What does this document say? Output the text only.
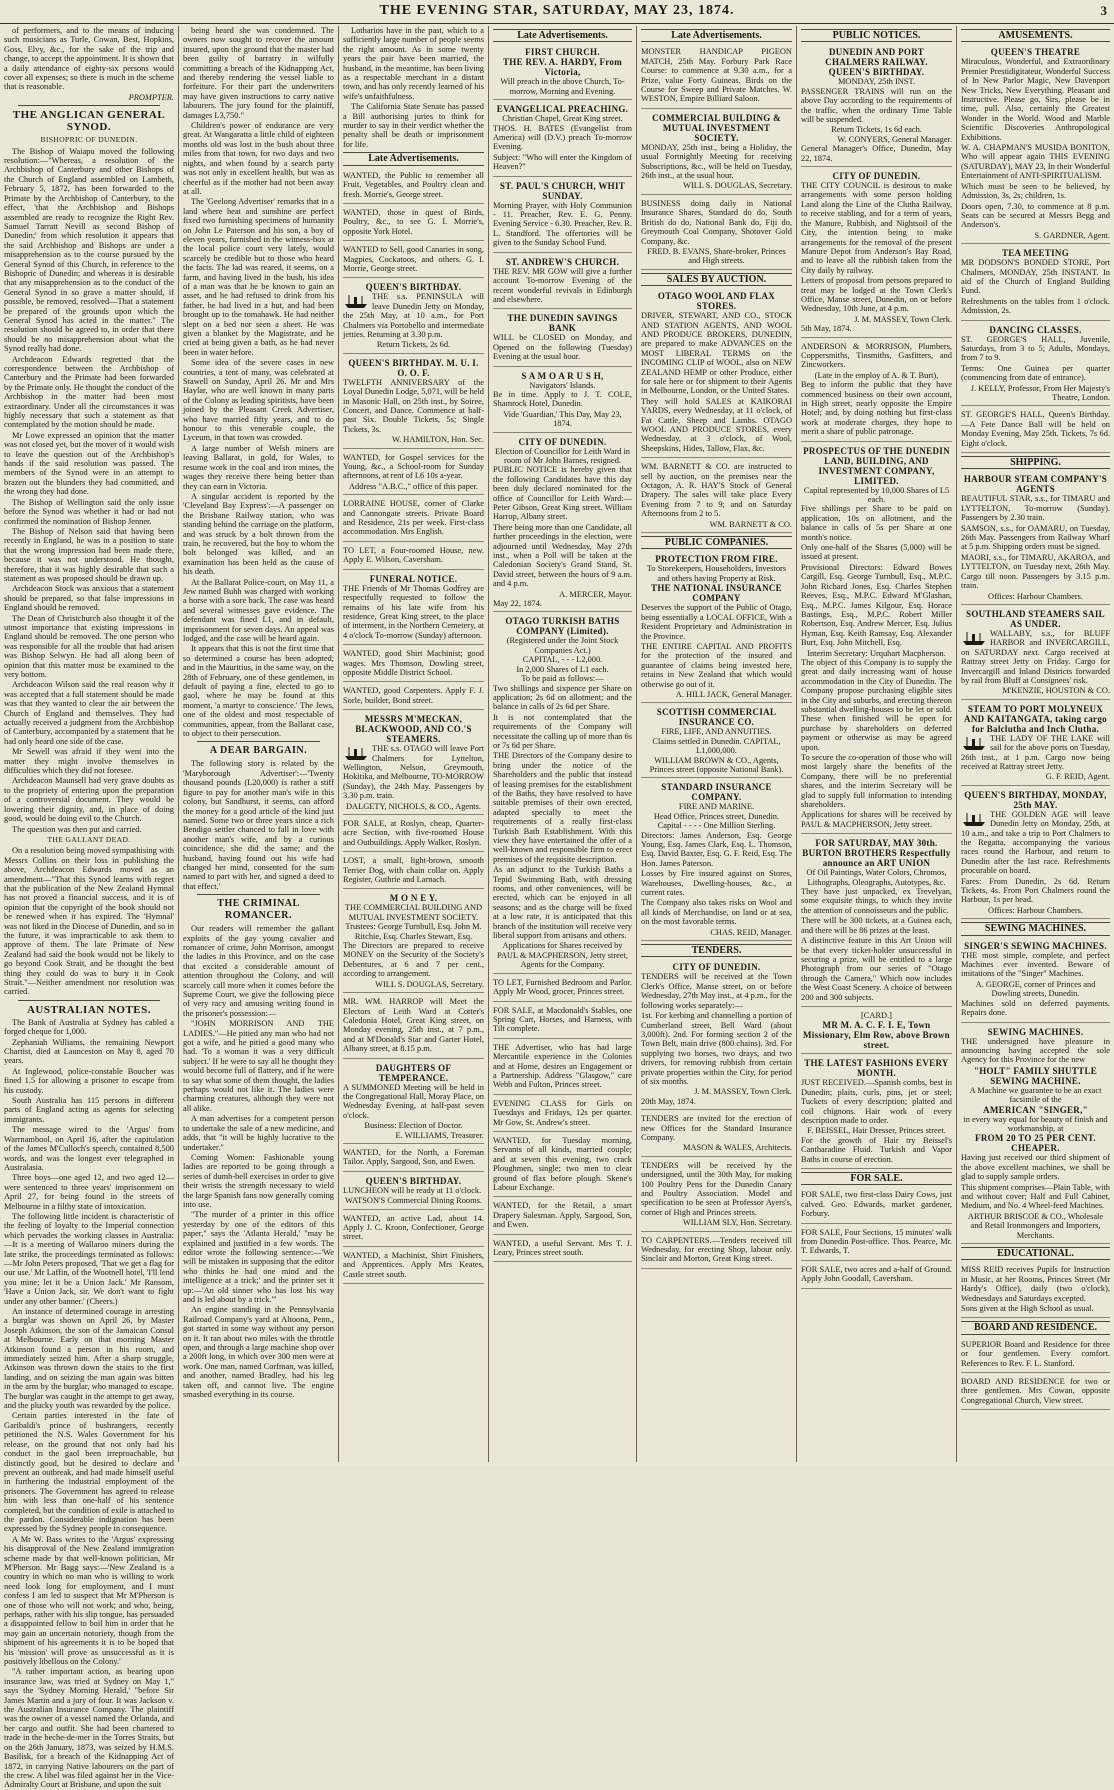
THE EVENING STAR, SATURDAY, MAY 23, 1874.	3

of performers, and to the means of inducing such musicians as Turle, Cowan, Best, Hopkins, Goss, Elvy, &c., for the sake of the trip and change, to accept the appointment. It is shown that a daily attendance of eighty-six persons would cover all expenses; so there is much in the scheme that is reasonable.

PROMPTER.
THE ANGLICAN GENERAL SYNOD.
BISHOPRIC OF DUNEDIN.

The Bishop of Waiapu moved the following resolution:—"Whereas, a resolution of the Archbishop of Canterbury and other Bishops of the Church of England assembled on Lambeth, February 5, 1872, has been forwarded to the Primate by the Archbishop of Canterbury, to the effect, 'that the Archbishop and Bishops assembled are ready to recognize the Right Rev. Samuel Tarratt Nevill as second Bishop of Dunedin;' from which resolution it appears that the said Archbishop and Bishops are under a misapprehension as to the course pursued by the General Synod of this Church, in reference to the Bishopric of Dunedin; and whereas it is desirable that any misapprehension as to the conduct of the General Synod in so grave a matter should, if possible, be removed, resolved—That a statement be prepared of the grounds upon which the General Synod has acted in the matter." The resolution should be agreed to, in order that there should be no misapprehension about what the Synod really had done.

Archdeacon Edwards regretted that the correspondence between the Archbishop of Canterbury and the Primate had been forwarded by the Primate only. He thought the conduct of the Archbishop in the matter had been most extraordinary. Under all the circumstances it was highly necessary that such a statement as that contemplated by the motion should be made.

Mr Lowe expressed an opinion that the matter was not closed yet, but the mover of it would wish to leave the question out of the Archbishop's hands if the said resolution was passed. The members of the Synod were in an attempt to brazen out the blunders they had committed, and the wrong they had done.

The Bishop of Wellington said the only issue before the Synod was whether it had or had not confirmed the nomination of Bishop Jenner.

The Bishop of Nelson said that having been recently in England, he was in a position to state that the wrong impression had been made there, because it was not understood. He thought, therefore, that it was highly desirable that such a statement as was proposed should be drawn up.

Archdeacon Stock was anxious that a statement should be prepared, so that false impressions in England should be removed.

The Dean of Christchurch also thought it of the utmost importance that existing impressions in England should be removed. The one person who was responsible for all the trouble that had arisen was Bishop Selwyn. He had all along been of opinion that this matter must be examined to the very bottom.

Archdeacon Wilson said the real reason why it was accepted that a full statement should be made was that they wanted to clear the air between the Church of England and themselves. They had actually received a judgment from the Archbishop of Canterbury, accompanied by a statement that he had only heard one side of the case.

Mr Sewell was afraid if they went into the matter they might involve themselves in difficulties which they did not foresee.

Archdeacon Maunsell had very grave doubts as to the propriety of entering upon the preparation of a controversial document. They would be lowering their dignity, and, in place of doing good, would be doing evil to the Church.

The question was then put and carried.

THE GALLANT DEAD.

On a resolution being moved sympathising with Messrs Collins on their loss in publishing the above, Archdeacon Edwards moved as an amendment—"That this Synod learns with regret that the publication of the New Zealand Hymnal has not proved a financial success, and it is of opinion that the copyright of the book should not be renewed when it has expired. The 'Hymnal' was not liked in the Diocese of Dunedin, and so in the future, it was impracticable to ask them to approve of them. The late Primate of New Zealand had said the book would not be likely to go beyond Cook Strait, and he thought the best thing they could do was to bury it in Cook Strait."—Neither amendment nor resolution was carried.

AUSTRALIAN NOTES.

The Bank of Australia at Sydney has cabled a forged cheque for 1,000.

Zephaniah Williams, the remaining Newport Chartist, died at Launceston on May 8, aged 70 years.

At Inglewood, police-constable Boucher was fined 1.5 for allowing a prisoner to escape from his custody.

South Australia has 115 persons in different parts of England acting as agents for selecting immigrants.

The message wired to the 'Argus' from Warrnambool, on April 16, after the capitulation of the James M'Culloch's speech, contained 8,500 words, and was the longest ever telegraphed in Australasia.

Three boys—one aged 12, and two aged 12—were sentenced to three years' imprisonment on April 27, for being found in the streets of Melbourne in a filthy state of intoxication.

The following little incident is characteristic of the feeling of loyalty to the Imperial connection which pervades the working classes in Australia:—It is a meeting of Wallaroo miners during the late strike, the proceedings terminated as follows:—Mr John Peters proposed, 'That we get a flag for our use.' Mr Laffin, of the Wootnell hotel, 'I'll lend you mine; let it be a Union Jack.' Mr Ransom, 'Have a Union Jack, sir. We don't want to fight under any other banner.' (Cheers.)

An instance of determined courage in arresting a burglar was shown on April 26, by Master Joseph Atkinson, the son of the Jamaican Consul at Melbourne. Early on that morning Master Atkinson found a person in his room, and immediately seized him. After a sharp struggle, Atkinson was thrown down the stairs to the first landing, and on seizing the man again was bitten in the arm by the burglar, who managed to escape. The burglar was caught in the attempt to get away, and the plucky youth was rewarded by the police.

Certain parties interested in the fate of Garibaldi's prince of bushrangers, recently petitioned the N.S. Wales Government for his release, on the ground that not only had his conduct in the gaol been irreproachable, but distinctly good, but he desired to declare and prevent an outbreak, and had made himself useful in furthering the industrial employment of the prisoners. The Government has agreed to release him with less than one-half of his sentence completed, but the condition of exile is attached to the pardon. Considerable indignation has been expressed by the Sydney people in consequence.

A Mr W. Bass writes to the 'Argus' expressing his disapproval of the New Zealand immigration scheme made by that well-known politician, Mr M'Pherson. Mr Bagg says:—'New Zealand is a country in which no man who is willing to work need look long for employment, and I must confess I am led to suspect that Mr M'Pherson is one of those who will not work; and who, being, perhaps, rather with his slip tongue, has persuaded a disappointed fellow to boil him in order that he may gain an uncertain notoriety, though from the shipment of his agreements it is to be hoped that his 'mission' will prove as unsuccessful as it is positively libellous on the Colony.'

"A rather important action, as bearing upon insurance law, was tried at Sydney on May 1," says the 'Sydney Morning Herald,' "before Sir James Martin and a jury of four. It was Jackson v. the Australian Insurance Company. The plaintiff was the owner of a vessel named the Orlanda, and her cargo and outfit. She had been chartered to trade in the beche-de-mer in the Torres Straits, but on the 26th January, 1873, was seized by H.M.S. Basilisk, for a breach of the Kidnapping Act of 1872, in carrying Native labourers on the part of the crew. A libel was filed against her in the Vice-Admiralty Court at Brisbane, and upon the suit

being heard she was condemned. The owners now sought to recover the amount insured, upon the ground that the master had been guilty of barratry in wilfully committing a breach of the Kidnapping Act, and thereby rendering the vessel liable to forfeiture. For their part the underwriters may have given instructions to carry native labourers. The jury found for the plaintiff, damages L3,750."

Children's power of endurance are very great. At Wangaratta a little child of eighteen months old was lost in the bush about three miles from that town, for two days and two nights, and when found by a search party was not only in excellent health, but was as cheerful as if the mother had not been away at all.

The 'Geelong Advertiser' remarks that in a land where heat and sunshine are perfect fixed two furnishing specimens of humanity on John Le Paterson and his son, a boy of eleven years, furnished in the witness-box at the local police court very lately, would scarcely be credible but to those who heard the facts. The lad was reared, it seems, on a farm, and having lived in the bush, his idea of a man was that he be known to gain an asset, and he had refused to drink from his father, he had lived in a hut, and had been brought up to the tomahawk. He had neither slept on a bed nor seen a sheet. He was given a blanket by the Magistrate, and he cried at being given a bath, as he had never been in water before.

Some idea of the severe cases in new countries, a tent of many, was celebrated at Stawell on Sunday, April 26. Mr and Mrs Haylar, who are well known in many parts of the Colony as leading spiritists, have been joined by the Pleasant Creek Advertiser, who have married fifty years, and to do honour to this venerable couple, the Lyceum, in that town was crowded.

A large number of Welsh miners are leaving Ballarat, in gold, for Wales, to resume work in the coal and iron mines, the wages they receive there being better than they can earn in Victoria.

A singular accident is reported by the 'Cleveland Bay Express':—A passenger on the Brisbane Railway station, who was standing behind the carriage on the platform, and was struck by a bolt thrown from the train, he recovered, but the boy to whom the bolt belonged was killed, and an examination has been held as the cause of his death.

At the Ballarat Police-court, on May 11, a Jew named Buhh was charged with working a horse with a sore back. The case was heard and several witnesses gave evidence. The defendant was fined L1, and in default, imprisonment for seven days. An appeal was lodged, and the case will be heard again.

It appears that this is not the first time that so determined a course has been adopted; and in the Mauritius, in the same way, on the 28th of February, one of these gentlemen, in default of paying a fine, elected to go to gaol, where he may be found at this moment, 'a martyr to conscience.' The Jews, one of the oldest and most respectable of communities, appear, from the Ballarat case, to object to their persecution.

A DEAR BARGAIN.

The following story is related by the 'Maryborough Advertiser':—'Twenty thousand pounds (L20,000) is rather a stiff figure to pay for another man's wife in this colony, but Sandhurst, it seems, can afford the money for a good article of the kind just named. Some two or three years since a rich Bendigo settler chanced to fall in love with another man's wife, and by a curious coincidence, she did the same; and the husband, having found out his wife had changed her mind, consented for the sum named to part with her, and signed a deed to that effect.'

THE CRIMINAL ROMANCER.

Our readers will remember the gallant exploits of the gay young cavalier and romancer of crime, John Morrison, amongst the ladies in this Province, and on the case that excited a considerable amount of attention throughout the Colony, and will scarcely call more when it comes before the Supreme Court, we give the following piece of very racy and amusing writing found in the prisoner's possession:—

"JOHN MORRISON AND THE LADIES."—He pitied any man who had not got a wife, and he pitied a good many who had. 'To a woman it was a very difficult subject.' If he were to say all he thought they would become full of flattery, and if he were to say what some of them thought, the ladies perhaps would not like it. The ladies were charming creatures, although they were not all alike.

A man advertises for a competent person to undertake the sale of a new medicine, and adds, that "it will be highly lucrative to the undertaker."

Coming Women: Fashionable young ladies are reported to be going through a series of dumb-bell exercises in order to give their wrists the strength necessary to wield the large Spanish fans now generally coming into use.

"The murder of a printer in this office yesterday by one of the editors of this paper," says the 'Atlanta Herald,' "may be explained and justified in a few words. The editor wrote the following sentence:—'We will be mistaken in supposing that the editor who thinks he had one mind and the intelligence at a trick;' and the printer set it up:—'An old sinner who has lost his way and is led about by a trick.'"

An engine standing in the Pennsylvania Railroad Company's yard at Altoona, Penn., got started in some way without any person on it. It ran about two miles with the throttle open, and through a large machine shop over a 200ft long, in which over 300 men were at work. One man, named Corfman, was killed, and another, named Bradley, had his leg taken off, and cannot live. The engine smashed everything in its course.

Lotharios have in the past, which to a sufficiently large number of people seems the right amount. As in some twenty years the pair have been married, the husband, in the meantime, has been living as a respectable merchant in a distant town, and has only recently learned of his wife's unfaithfulness.

The California State Senate has passed a Bill authorising juries to think for murder to say in their verdict whether the penalty shall be death or imprisonment for life.

Late Advertisements.

WANTED, the Public to remember all Fruit, Vegetables, and Poultry clean and fresh. Morrie's, George street.

WANTED, those in quest of Birds, Poultry, &c., to see G. I. Morrie's, opposite York Hotel.

WANTED to Sell, good Canaries in song, Magpies, Cockatoos, and others. G. I. Morrie, George street.

QUEEN'S BIRTHDAY.

THE s.s. PENINSULA will leave Dunedin Jetty on Monday, the 25th May, at 10 a.m., for Port Chalmers via Portobello and intermediate jetties. Returning at 3.30 p.m.

Return Tickets, 2s 6d.
QUEEN'S BIRTHDAY. M. U. I. O. O. F.

TWELFTH ANNIVERSARY of the Loyal Dunedin Lodge, 5,071, will be held in Masonic Hall, on 25th inst., by Soiree, Concert, and Dance. Commence at half-past Six. Double Tickets, 5s; Single Tickets, 3s.

W. HAMILTON, Hon. Sec.

WANTED, for Gospel services for the Young, &c., a School-room for Sunday afternoons, at rent of L6 10s a-year.

Address "A.B.C.," office of this paper.

LORRAINE HOUSE, corner of Clarke and Cannongate streets. Private Board and Residence, 21s per week. First-class accommodation. Mrs English.

TO LET, a Four-roomed House, new. Apply E. Wilson, Caversham.

FUNERAL NOTICE.

THE Friends of Mr Thomas Godfrey are respectfully requested to follow the remains of his late wife from his residence, Great King street, to the place of interment, in the Northern Cemetery, at 4 o'clock To-morrow (Sunday) afternoon.

WANTED, good Shirt Machinist; good wages. Mrs Thomson, Dowling street, opposite Middle District School.

WANTED, good Carpenters. Apply F. J. Sorle, builder, Bond street.

MESSRS M'MECKAN, BLACKWOOD, AND CO.'S STEAMERS.

THE s.s. OTAGO will leave Port Chalmers for Lyttelton, Wellington, Nelson, Greymouth, Hokitika, and Melbourne, TO-MORROW (Sunday), the 24th May. Passengers by 3.30 p.m. train.

DALGETY, NICHOLS, & CO., Agents.

FOR SALE, at Roslyn, cheap, Quarter-acre Section, with five-roomed House and Outbuildings. Apply Walker, Roslyn.

LOST, a small, light-brown, smooth Terrier Dog, with chain collar on. Apply Register, Guthrie and Larnach.

M O N E Y.
THE COMMERCIAL BUILDING AND MUTUAL INVESTMENT SOCIETY.
Trustees: George Turnbull, Esq. John M. Ritchie, Esq. Charles Stewart, Esq.

The Directors are prepared to receive MONEY on the Security of the Society's Debentures, at 6 and 7 per cent., according to arrangement.

WILL S. DOUGLAS, Secretary.

MR. WM. HARROP will Meet the Electors of Leith Ward at Cotter's Caledonia Hotel, Great King street, on Monday evening, 25th inst., at 7 p.m., and at M'Donald's Star and Garter Hotel, Albany street, at 8.15 p.m.

DAUGHTERS OF TEMPERANCE.

A SUMMONED Meeting will be held in the Congregational Hall, Moray Place, on Wednesday Evening, at half-past seven o'clock.

Business: Election of Doctor.
E. WILLIAMS, Treasurer.

WANTED, for the North, a Foreman Tailor. Apply, Sargood, Son, and Ewen.

QUEEN'S BIRTHDAY.

LUNCHEON will be ready at 11 o'clock.

WATSON'S Commercial Dining Rooms.

WANTED, an active Lad, about 14. Apply J. C. Kroon, Confectioner, George street.

WANTED, a Machinist, Shirt Finishers, and Apprentices. Apply Mrs Keates, Castle street south.

Late Advertisements.
FIRST CHURCH.
THE REV. A. HARDY, From Victoria,
Will preach in the above Church, To-morrow, Morning and Evening.
EVANGELICAL PREACHING.
Christian Chapel, Great King street.

THOS. H. BATES (Evangelist from America) will (D.V.) preach To-morrow Evening.

Subject: "Who will enter the Kingdom of Heaven?"

ST. PAUL'S CHURCH, WHIT SUNDAY.

Morning Prayer, with Holy Communion - 11. Preacher, Rev. E. G. Penny. Evening Service - 6.30. Preacher, Rev. R. L. Standford. The offertories will be given to the Sunday School Fund.

ST. ANDREW'S CHURCH.

THE REV. MR GOW will give a further account To-morrow Evening of the recent wonderful revivals in Edinburgh and elsewhere.

THE DUNEDIN SAVINGS BANK

WILL be CLOSED on Monday, and Opened on the following (Tuesday) Evening at the usual hour.

S A M O A R U S H,
Navigators' Islands.

Be in time. Apply to J. T. COLE, Shamrock Hotel, Dunedin.

Vide 'Guardian,' This Day, May 23, 1874.
CITY OF DUNEDIN.
Election of Councillor for Leith Ward in room of Mr John Barnes, resigned.

PUBLIC NOTICE is hereby given that the following Candidates have this day been duly declared nominated for the office of Councillor for Leith Ward:— Peter Gibson, Great King street. William Harrop, Albany street.

There being more than one Candidate, all further proceedings in the election, were adjourned until Wednesday, May 27th inst., when a Poll will be taken at the Caledonian Society's Grand Stand, St. David street, between the hours of 9 a.m. and 4 p.m.

A. MERCER, Mayor.
May 22, 1874.
OTAGO TURKISH BATHS COMPANY (Limited).
(Registered under the Joint Stock Companies Act.)
CAPITAL, - - - L2,000.
In 2,000 Shares of L1 each.
To be paid as follows:—

Two shillings and sixpence per Share on application; 2s 6d on allotment; and the balance in calls of 2s 6d per Share.

It is not contemplated that the requirements of the Company will necessitate the calling up of more than 6s or 7s 6d per Share.

THE Directors of the Company desire to bring under the notice of the Shareholders and the public that instead of leasing premises for the establishment of the Baths, they have resolved to have suitable premises of their own erected, adapted specially to meet the requirements of a really first-class Turkish Bath Establishment. With this view they have entertained the offer of a well-known and responsible firm to erect premises of the requisite description.

As an adjunct to the Turkish Baths a Tepid Swimming Bath, with dressing rooms, and other conveniences, will be erected, which can be enjoyed in all seasons; and as the charge will be fixed at a low rate, it is anticipated that this branch of the institution will receive very liberal support from artisans and others.

Applications for Shares received by PAUL & MACPHERSON, Jetty street, Agents for the Company.

TO LET, Furnished Bedroom and Parlor. Apply Mr Wood, grocer, Princes street.

FOR SALE, at Macdonald's Stables, one Spring Cart, Horses, and Harness, with Tilt complete.

THE Advertiser, who has had large Mercantile experience in the Colonies and at Home, desires an Engagement or a Partnership. Address "Glasgow," care Webb and Fulton, Princes street.

EVENING CLASS for Girls on Tuesdays and Fridays, 12s per quarter. Mr Gow, St. Andrew's street.

WANTED, for Tuesday morning, Servants of all kinds, married couple; and at seven this evening, two crack Ploughmen, single; two men to clear ground of flax before plough. Skene's Labour Exchange.

WANTED, for the Retail, a smart Drapery Salesman. Apply, Sargood, Son, and Ewen.

WANTED, a useful Servant. Mrs T. J. Leary, Princes street south.

Late Advertisements.

MONSTER HANDICAP PIGEON MATCH, 25th May. Forbury Park Race Course: to commence at 9.30 a.m., for a Prize, value Forty Guineas. Birds on the Course for Sweep and Private Matches. W. WESTON, Empire Billiard Saloon.

COMMERCIAL BUILDING & MUTUAL INVESTMENT SOCIETY.

MONDAY, 25th inst., being a Holiday, the usual Fortnightly Meeting for receiving Subscriptions, &c., will be held on Tuesday, 26th inst., at the usual hour.

WILL S. DOUGLAS, Secretary.

BUSINESS doing daily in National Insurance Shares, Standard do do, South British do do, National Bank do, Fiji do, Greymouth Coal Company, Shotover Gold Company, &c.

FRED. B. EVANS, Share-broker, Princes and High streets.
SALES BY AUCTION.
OTAGO WOOL AND FLAX STORES.

DRIVER, STEWART, AND CO., STOCK AND STATION AGENTS, AND WOOL AND PRODUCE BROKERS, DUNEDIN, are prepared to make ADVANCES on the MOST LIBERAL TERMS on the INCOMING CLIP of WOOL, also on NEW ZEALAND HEMP or other Produce, either for sale here or for shipment to their Agents in Melbourne, London, or the United States.

They will hold SALES at KAIKORAI YARDS, every Wednesday, at 11 o'clock, of Fat Cattle, Sheep and Lambs. OTAGO WOOL AND PRODUCE STORES, every Wednesday, at 3 o'clock, of Wool, Sheepskins, Hides, Tallow, Flax, &c.

WM. BARNETT & CO. are instructed to sell by auction, on the premises near the Octagon, A. R. HAY'S Stock of General Drapery. The sales will take place Every Evening from 7 to 9; and on Saturday Afternoons from 2 to 5.

WM. BARNETT & CO.
PUBLIC COMPANIES.
PROTECTION FROM FIRE.
To Storekeepers, Householders, Investors and others having Property at Risk.
THE NATIONAL INSURANCE COMPANY

Deserves the support of the Public of Otago, being essentially a LOCAL OFFICE, With a Resident Proprietary and Administration in the Province.

THE ENTIRE CAPITAL AND PROFITS for the protection of the insured and guarantee of claims being invested here, retains in New Zealand that which would otherwise go out of it.

A. HILL JACK, General Manager.
SCOTTISH COMMERCIAL INSURANCE CO.
FIRE, LIFE, AND ANNUITIES.
Claims settled in Dunedin. CAPITAL, L1,000,000.
WILLIAM BROWN & CO., Agents, Princes street (opposite National Bank).
STANDARD INSURANCE COMPANY.
FIRE AND MARINE.
Head Office, Princes street, Dunedin.
Capital - - - - One Million Sterling.

Directors: James Anderson, Esq. George Young, Esq. James Clark, Esq. L. Thomson, Esq. David Baxter, Esq. G. F. Reid, Esq. The Hon. James Paterson.

Losses by Fire insured against on Stores, Warehouses, Dwelling-houses, &c., at current rates.

The Company also takes risks on Wool and all kinds of Merchandise, on land or at sea, on the most favorable terms.

CHAS. REID, Manager.
TENDERS.
CITY OF DUNEDIN.

TENDERS will be received at the Town Clerk's Office, Manse street, on or before Wednesday, 27th May inst., at 4 p.m., for the following works separately:—

1st. For kerbing and channelling a portion of Cumberland street, Bell Ward (about 3,000ft). 2nd. For forming section 2 of the Town Belt, main drive (800 chains). 3rd. For supplying two horses, two drays, and two drivers, for removing rubbish from certain private properties within the City, for period of six months.

J. M. MASSEY, Town Clerk.
20th May, 1874.

TENDERS are invited for the erection of new Offices for the Standard Insurance Company.

MASON & WALES, Architects.

TENDERS will be received by the undersigned, until the 30th May, for making 100 Poultry Pens for the Dunedin Canary and Poultry Association. Model and specification to be seen at Professor Ayers's, corner of High and Princes streets.

WILLIAM SLY, Hon. Secretary.

TO CARPENTERS.—Tenders received till Wednesday, for erecting Shop, labour only. Sinclair and Morton, Great King street.

PUBLIC NOTICES.
DUNEDIN AND PORT CHALMERS RAILWAY.
QUEEN'S BIRTHDAY.
MONDAY, 25th INST.

PASSENGER TRAINS will run on the above Day according to the requirements of the traffic, when the ordinary Time Table will be suspended.

Return Tickets, 1s 6d each.
W. CONYERS, General Manager.
General Manager's Office, Dunedin, May 22, 1874.
CITY OF DUNEDIN.

THE CITY COUNCIL is desirous to make arrangements with some person holding Land along the Line of the Clutha Railway, to receive stabling, and for a term of years, the Manure, Rubbish, and Nightsoil of the City, the intention being to make arrangements for the removal of the present Manure Depot from Anderson's Bay Road, and to leave all the rubbish taken from the City daily by railway.

Letters of proposal from persons prepared to treat may be lodged at the Town Clerk's Office, Manse street, Dunedin, on or before Wednesday, 10th June, at 4 p.m.

J. M. MASSEY, Town Clerk.
5th May, 1874.

ANDERSON & MORRISON, Plumbers, Coppersmiths, Tinsmiths, Gasfitters, and Zincworkers.

(Late in the employ of A. & T. Burt),

Beg to inform the public that they have commenced business on their own account, in High street, nearly opposite the Empire Hotel; and, by doing nothing but first-class work at moderate charges, they hope to merit a share of public patronage.

PROSPECTUS OF THE DUNEDIN LAND, BUILDING, AND INVESTMENT COMPANY, LIMITED.
Capital represented by 10,000 Shares of L5 each.

Five shillings per Share to be paid on application, 10s on allotment, and the balance in calls of 5s per Share at one month's notice.

Only one-half of the Shares (5,000) will be issued at present.

Provisional Directors: Edward Bowes Cargill, Esq. George Turnbull, Esq., M.P.C. John Richard Jones, Esq. Charles Stephen Reeves, Esq., M.P.C. Edward M'Glashan, Esq., M.P.C. James Kilgour, Esq. Horace Bastings, Esq., M.P.C. Robert Miller Robertson, Esq. Andrew Mercer, Esq. Julius Hyman, Esq. Keith Ramsay, Esq. Alexander Burt, Esq. John Mitchell, Esq.

Interim Secretary: Urquhart Macpherson.

The object of this Company is to supply the great and daily increasing want of house accommodation in the City of Dunedin. The Company propose purchasing eligible sites in the City and suburbs, and erecting thereon substantial dwelling-houses to be let or sold. These when finished will be open for purchase by shareholders on deferred payment or otherwise as may be agreed upon.

To secure the co-operation of those who will most largely share the benefits of the Company, there will be no preferential shares, and the interim Secretary will be glad to supply full information to intending shareholders.

Applications for shares will be received by PAUL & MACPHERSON, Jetty street.

FOR SATURDAY, MAY 30th.
BURTON BROTHERS Respectfully announce an ART UNION
Of Oil Paintings, Water Colors, Chromos, Lithographs, Oleographs, Autotypes, &c.

They have just unpacked, ex Trevelyan, some exquisite things, to which they invite the attention of connoisseurs and the public.

There will be 300 tickets, at a Guinea each, and there will be 86 prizes at the least.

A distinctive feature in this Art Union will be that every ticket-holder unsuccessful in securing a prize, will be entitled to a large Photograph from our series of "Otago through the Camera," Which now includes the West Coast Scenery. A choice of between 200 and 300 subjects.

[CARD.]
MR M. A. C. F. I. E, Town Missionary, Elm Row, above Brown street.
THE LATEST FASHIONS EVERY MONTH.

JUST RECEIVED.—Spanish combs, best in Dunedin; plaits, curls, pins, jet or steel; Tuckets of every description; plaited and coil chignons. Hair work of every description made to order.

F. BEISSEL, Hair Dresser, Princes street.

For the growth of Hair try Beissel's Cantharadine Fluid. Turkish and Vapor Baths in course of erection.

FOR SALE.

FOR SALE, two first-class Dairy Cows, just calved. Geo. Edwards, market gardener, Forbury.

FOR SALE, Four Sections, 15 minutes' walk from Dunedin Post-office. Thos. Pearce, Mr. T. Edwards, T.

FOR SALE, two acres and a-half of Ground. Apply John Goodall, Caversham.

AMUSEMENTS.
QUEEN'S THEATRE

Miraculous, Wonderful, and Extraordinary Premier Prestidigitateur, Wonderful Success of In New Parlor Magic, New Davenport New Tricks, New Everything. Pleasant and Instructive. Please go, Sirs, please be in time, pull. Also, certainly the Greatest Wonder in the World. Wood and Marble Scientific Discoveries Anthropological Exhibitions.

W. A. CHAPMAN'S MUSIDA BONITON, Who will appear again THIS EVENING (SATURDAY), MAY 23, In their Wonderful Entertainment of ANTI-SPIRITUALISM.

Which must be seen to be believed, by Admission, 3s, 2s; children, 1s.

Doors open, 7.30, to commence at 8 p.m. Seats can be secured at Messrs Begg and Anderson's.

S. GARDNER, Agent.
TEA MEETING

MR DODSON'S BONDED STORE, Port Chalmers, MONDAY, 25th INSTANT. In aid of the Church of England Building Fund.

Refreshments on the tables from 1 o'clock. Admission, 2s.

DANCING CLASSES.

ST. GEORGE'S HALL, Juvenile, Saturdays, from 3 to 5; Adults, Mondays, from 7 to 9.

Terms: One Guinea per quarter (commencing from date of entrance).

J. KELLY, Professor, From Her Majesty's Theatre, London.

ST. GEORGE'S HALL, Queen's Birthday.—A Fete Dance Ball will be held on Monday Evening, May 25th. Tickets, 7s 6d. Eight o'clock.

SHIPPING.
HARBOUR STEAM COMPANY'S AGENTS

BEAUTIFUL STAR, s.s., for TIMARU and LYTTELTON, To-morrow (Sunday). Passengers by 2.30 train.

SAMSON, s.s., for OAMARU, on Tuesday, 26th May. Passengers from Railway Wharf at 5 p.m. Shipping orders must be signed.

MAORI, s.s., for TIMARU, AKAROA, and LYTTELTON, on Tuesday next, 26th May. Cargo till noon. Passengers by 3.15 p.m. train.

Offices: Harbour Chambers.
SOUTHLAND STEAMERS SAIL AS UNDER.

WALLABY, s.s., for BLUFF HARBOR and INVERCARGILL, on SATURDAY next. Cargo received at Rattray street Jetty on Friday. Cargo for Invercargill and Inland Districts forwarded by rail from Bluff at Consignees' risk.

M'KENZIE, HOUSTON & CO.
STEAM TO PORT MOLYNEUX AND KAITANGATA, taking cargo for Balclutha and Inch Clutha.

THE LADY OF THE LAKE will sail for the above ports on Tuesday, 26th inst., at 1 p.m. Cargo now being received at Rattray street Jetty.

G. F. REID, Agent.
QUEEN'S BIRTHDAY, MONDAY, 25th MAY.

THE GOLDEN AGE will leave Dunedin Jetty on Monday, 25th, at 10 a.m., and take a trip to Port Chalmers to the Regatta, accompanying the various races round the Harbour, and return to Dunedin after the last race. Refreshments procurable on board.

Fares: From Dunedin, 2s 6d. Return Tickets, 4s. From Port Chalmers round the Harbour, 1s per head.

Offices: Harbour Chambers.
SEWING MACHINES.
SINGER'S SEWING MACHINES.

THE most simple, complete, and perfect Machines ever invented. Beware of imitations of the "Singer" Machines.

A. GEORGE, corner of Princes and Dowling streets, Dunedin.

Machines sold on deferred payments. Repairs done.

SEWING MACHINES.

THE undersigned have pleasure in announcing having accepted the sole Agency for this Province for the new

"HOLT" FAMILY SHUTTLE SEWING MACHINE.
A Machine we guarantee to be an exact facsimile of the
AMERICAN "SINGER,"
in every way equal for beauty of finish and workmanship, at
FROM 20 TO 25 PER CENT. CHEAPER.

Having just received our third shipment of the above excellent machines, we shall be glad to supply sample orders.

This shipment comprises—Plain Table, with and without cover; Half and Full Cabinet, Medium, and No. 4 Wheel-feed Machines.

ARTHUR BRISCOE & CO., Wholesale and Retail Ironmongers and Importers, Merchants.
EDUCATIONAL.

MISS REID receives Pupils for Instruction in Music, at her Rooms, Princes Street (Mr Hardy's Office), daily (two o'clock), Wednesdays and Saturdays excepted.

Sons given at the High School as usual.

BOARD AND RESIDENCE.

SUPERIOR Board and Residence for three or four gentlemen. Every comfort. References to Rev. F. L. Stanford.

BOARD AND RESIDENCE for two or three gentlemen. Mrs Cowan, opposite Congregational Church, View street.
